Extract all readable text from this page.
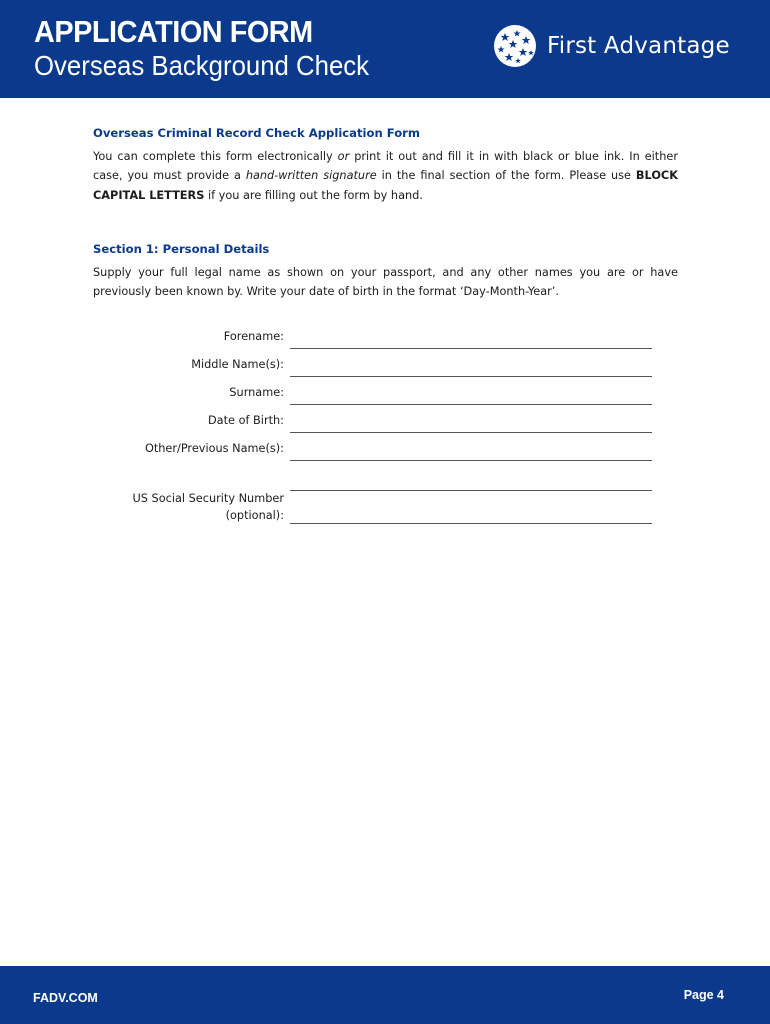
APPLICATION FORM
Overseas Background Check
First Advantage

Overseas Criminal Record Check Application Form

You can complete this form electronically or print it out and fill it in with black or blue ink. In either case, you must provide a hand-written signature in the final section of the form. Please use BLOCK CAPITAL LETTERS if you are filling out the form by hand.

Section 1: Personal Details

Supply your full legal name as shown on your passport, and any other names you are or have previously been known by. Write your date of birth in the format ‘Day-Month-Year’.

Forename:
Middle Name(s):
Surname:
Date of Birth:
Other/Previous Name(s):
US Social Security Number
(optional):
FADV.COM	Page 4
